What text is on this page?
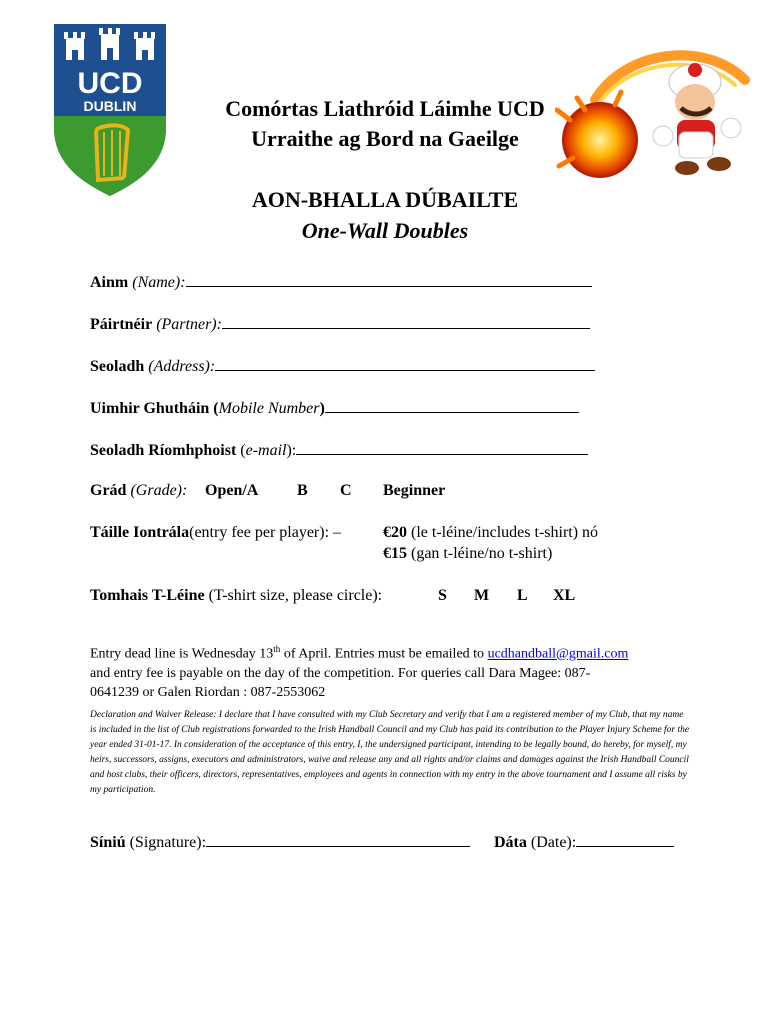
UCD
DUBLIN	Comórtas Liathróid Láimhe UCD
Urraithe ag Bord na Gaeilge
AON-BHALLA DÚBAILTE
One-Wall Doubles
Ainm (Name):
Páirtnéir (Partner):
Seoladh (Address):
Uimhir Ghutháin (Mobile Number)
Seoladh Ríomhphoist (e-mail):
Grád (Grade): Open/A B C Beginner
Táille Iontrála(entry fee per player): –	€20 (le t-léine/includes t-shirt) nó
€15 (gan t-léine/no t-shirt)
Tomhais T-Léine (T-shirt size, please circle):	S M L XL
Entry dead line is Wednesday 13th of April. Entries must be emailed to ucdhandball@gmail.com
and entry fee is payable on the day of the competition. For queries call Dara Magee: 087-
0641239 or Galen Riordan : 087-2553062
Declaration and Waiver Release: I declare that I have consulted with my Club Secretary and verify that I am a registered member of my Club, that my name is included in the list of Club registrations forwarded to the Irish Handball Council and my Club has paid its contribution to the Player Injury Scheme for the year ended 31-01-17. In consideration of the acceptance of this entry, I, the undersigned participant, intending to be legally bound, do hereby, for myself, my heirs, successors, assigns, executors and administrators, waive and release any and all rights and/or claims and damages against the Irish Handball Council and host clubs, their officers, directors, representatives, employees and agents in connection with my entry in the above tournament and I assume all risks by my participation.
Síniú (Signature):	Dáta (Date):
